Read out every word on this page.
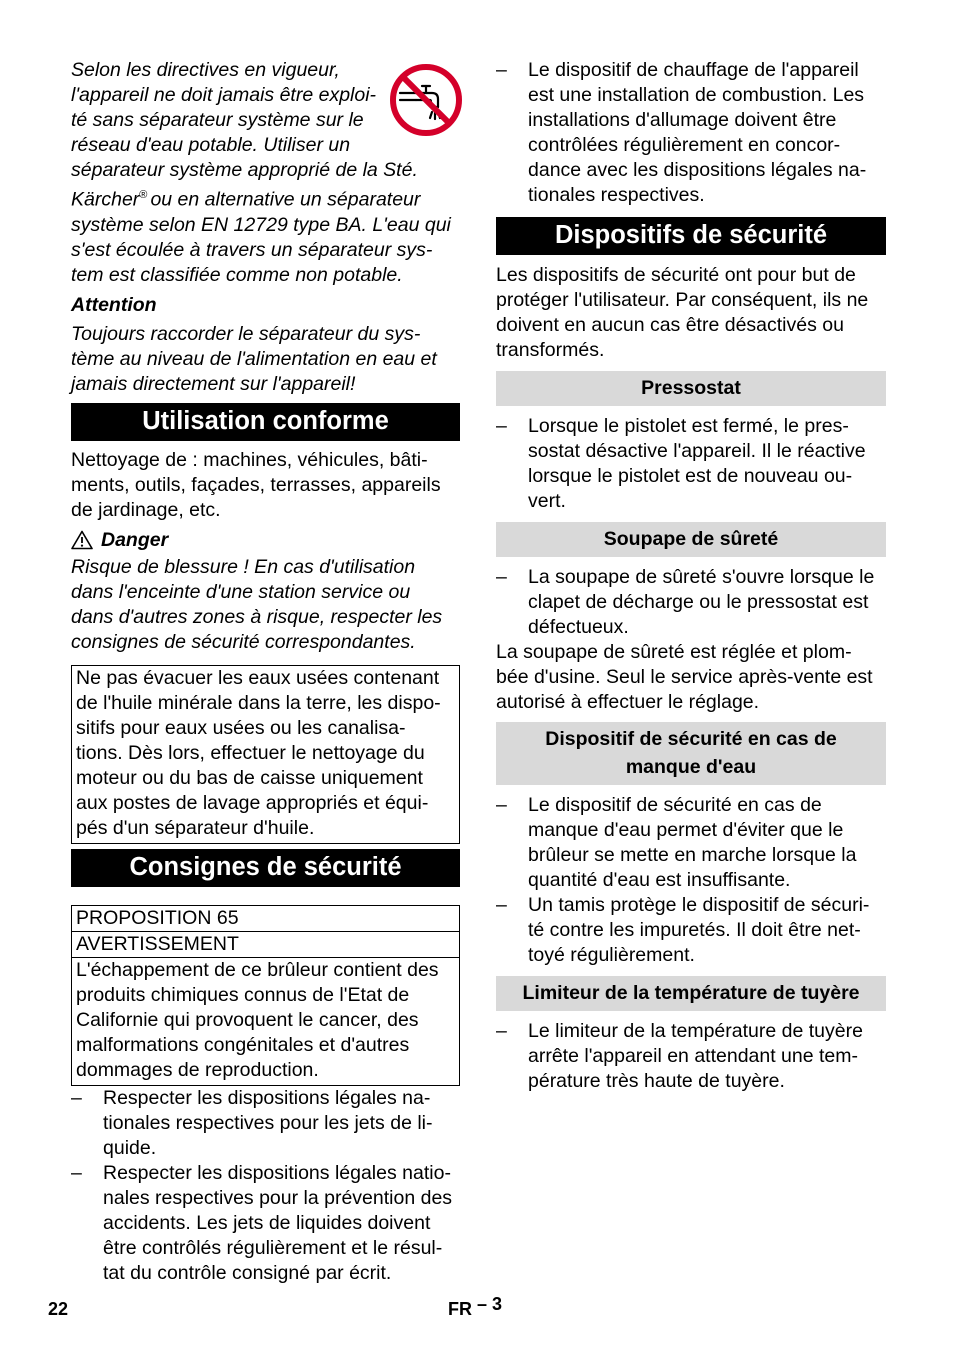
Selon les directives en vigueur,

l'appareil ne doit jamais être exploi-

té sans séparateur système sur le

réseau d'eau potable. Utiliser un

séparateur système approprié de la Sté.

Kärcher® ou en alternative un séparateur

système selon EN 12729 type BA. L'eau qui

s'est écoulée à travers un séparateur sys-

tem est classifiée comme non potable.

Attention

Toujours raccorder le séparateur du sys-

tème au niveau de l'alimentation en eau et

jamais directement sur l'appareil!

Utilisation conforme

Nettoyage de : machines, véhicules, bâti-

ments, outils, façades, terrasses, appareils

de jardinage, etc.

Danger

Risque de blessure ! En cas d'utilisation

dans l'enceinte d'une station service ou

dans d'autres zones à risque, respecter les

consignes de sécurité correspondantes.

Ne pas évacuer les eaux usées contenant

de l'huile minérale dans la terre, les dispo-

sitifs pour eaux usées ou les canalisa-

tions. Dès lors, effectuer le nettoyage du

moteur ou du bas de caisse uniquement

aux postes de lavage appropriés et équi-

pés d'un séparateur d'huile.

Consignes de sécurité
PROPOSITION 65
AVERTISSEMENT

L'échappement de ce brûleur contient des

produits chimiques connus de l'Etat de

Californie qui provoquent le cancer, des

malformations congénitales et d'autres

dommages de reproduction.

– Respecter les dispositions légales na-

tionales respectives pour les jets de li-

quide.

– Respecter les dispositions légales natio-

nales respectives pour la prévention des

accidents. Les jets de liquides doivent

être contrôlés régulièrement et le résul-

tat du contrôle consigné par écrit.

– Le dispositif de chauffage de l'appareil

est une installation de combustion. Les

installations d'allumage doivent être

contrôlées régulièrement en concor-

dance avec les dispositions légales na-

tionales respectives.

Dispositifs de sécurité

Les dispositifs de sécurité ont pour but de

protéger l'utilisateur. Par conséquent, ils ne

doivent en aucun cas être désactivés ou

transformés.

Pressostat

– Lorsque le pistolet est fermé, le pres-

sostat désactive l'appareil. Il le réactive

lorsque le pistolet est de nouveau ou-

vert.

Soupape de sûreté

– La soupape de sûreté s'ouvre lorsque le

clapet de décharge ou le pressostat est

défectueux.

La soupape de sûreté est réglée et plom-

bée d'usine. Seul le service après-vente est

autorisé à effectuer le réglage.

Dispositif de sécurité en cas de

manque d'eau

– Le dispositif de sécurité en cas de

manque d'eau permet d'éviter que le

brûleur se mette en marche lorsque la

quantité d'eau est insuffisante.

– Un tamis protège le dispositif de sécuri-

té contre les impuretés. Il doit être net-

toyé régulièrement.

Limiteur de la température de tuyère

– Le limiteur de la température de tuyère

arrête l'appareil en attendant une tem-

pérature très haute de tuyère.

22	FR – 3
